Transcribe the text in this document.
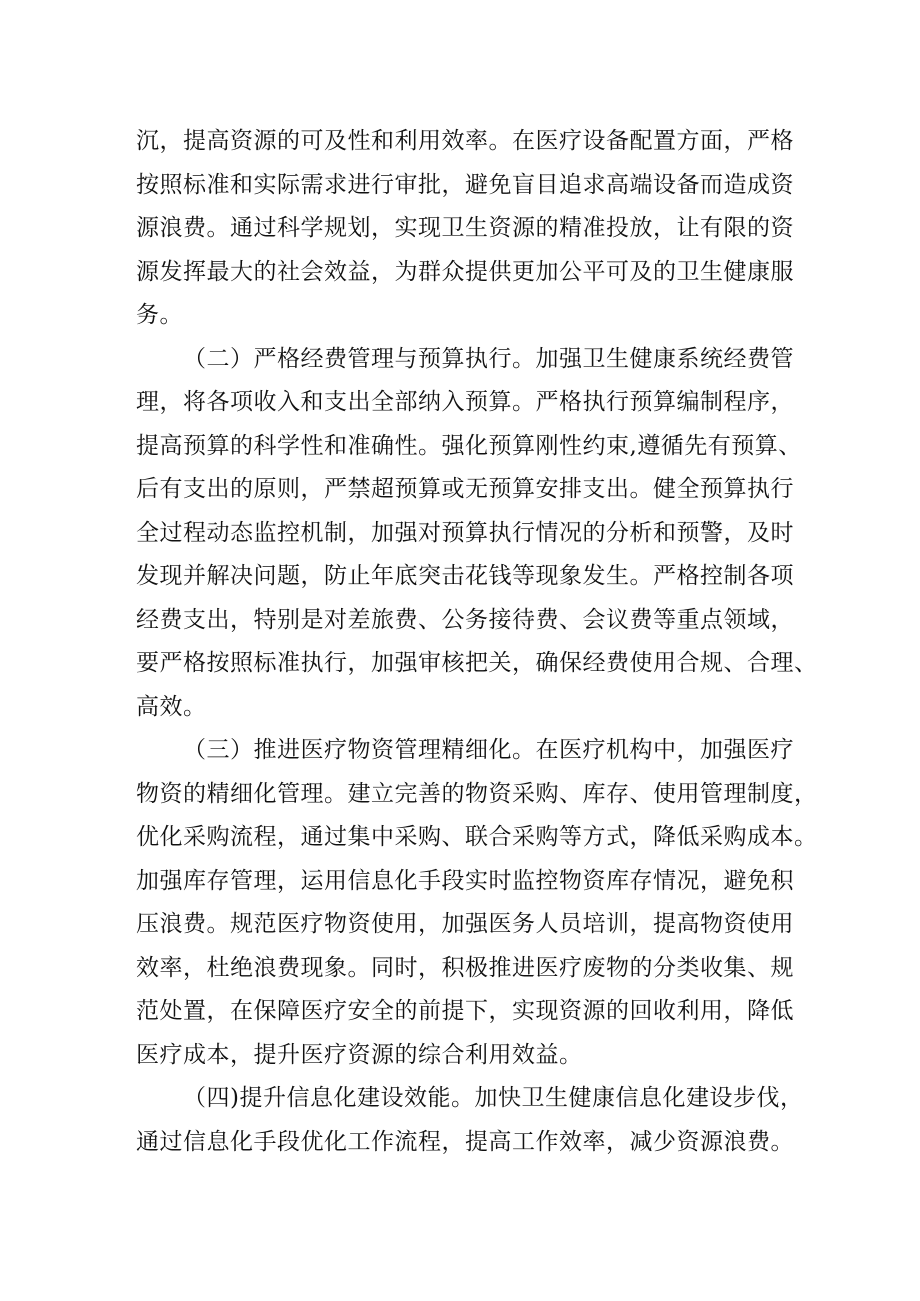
沉，提高资源的可及性和利用效率。在医疗设备配置方面，严格
按照标准和实际需求进行审批，避免盲目追求高端设备而造成资
源浪费。通过科学规划，实现卫生资源的精准投放，让有限的资
源发挥最大的社会效益，为群众提供更加公平可及的卫生健康服
务。
（二）严格经费管理与预算执行。加强卫生健康系统经费管
理，将各项收入和支出全部纳入预算。严格执行预算编制程序，
提高预算的科学性和准确性。强化预算刚性约束,遵循先有预算、
后有支出的原则，严禁超预算或无预算安排支出。健全预算执行
全过程动态监控机制，加强对预算执行情况的分析和预警，及时
发现并解决问题，防止年底突击花钱等现象发生。严格控制各项
经费支出，特别是对差旅费、公务接待费、会议费等重点领域，
要严格按照标准执行，加强审核把关，确保经费使用合规、合理、
高效。
（三）推进医疗物资管理精细化。在医疗机构中，加强医疗
物资的精细化管理。建立完善的物资采购、库存、使用管理制度，
优化采购流程，通过集中采购、联合采购等方式，降低采购成本。
加强库存管理，运用信息化手段实时监控物资库存情况，避免积
压浪费。规范医疗物资使用，加强医务人员培训，提高物资使用
效率，杜绝浪费现象。同时，积极推进医疗废物的分类收集、规
范处置，在保障医疗安全的前提下，实现资源的回收利用，降低
医疗成本，提升医疗资源的综合利用效益。
（四)提升信息化建设效能。加快卫生健康信息化建设步伐，
通过信息化手段优化工作流程，提高工作效率，减少资源浪费。
